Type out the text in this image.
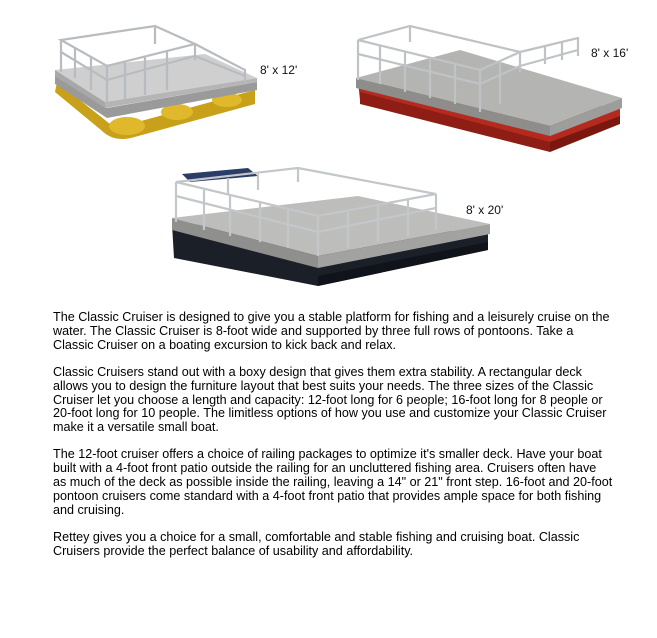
8' x 12'
8' x 16'
8' x 20'

The Classic Cruiser is designed to give you a stable platform for fishing and a leisurely cruise on the water. The Classic Cruiser is 8-foot wide and supported by three full rows of pontoons. Take a Classic Cruiser on a boating excursion to kick back and relax.

Classic Cruisers stand out with a boxy design that gives them extra stability. A rectangular deck allows you to design the furniture layout that best suits your needs. The three sizes of the Classic Cruiser let you choose a length and capacity: 12-foot long for 6 people; 16-foot long for 8 people or 20-foot long for 10 people. The limitless options of how you use and customize your Classic Cruiser make it a versatile small boat.

The 12-foot cruiser offers a choice of railing packages to optimize it's smaller deck. Have your boat built with a 4-foot front patio outside the railing for an uncluttered fishing area. Cruisers often have as much of the deck as possible inside the railing, leaving a 14" or 21" front step. 16-foot and 20-foot pontoon cruisers come standard with a 4-foot front patio that provides ample space for both fishing and cruising.

Rettey gives you a choice for a small, comfortable and stable fishing and cruising boat. Classic Cruisers provide the perfect balance of usability and affordability.
